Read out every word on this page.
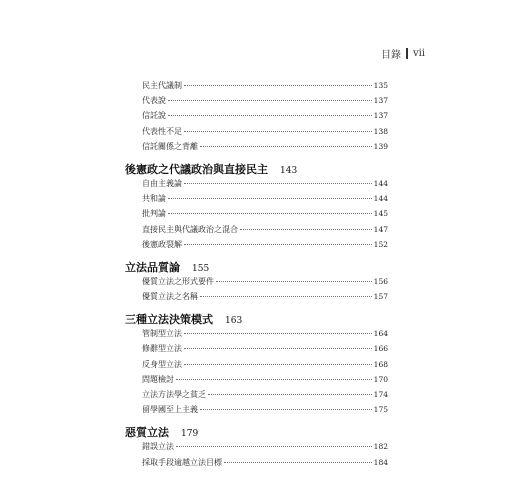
目錄 vii
民主代議制	135
代表說	137
信託說	137
代表性不足	138
信託關係之背離	139
後憲政之代議政治與直接民主 143
自由主義論	144
共和論	144
批判論	145
直接民主與代議政治之混合	147
後憲政裂解	152
立法品質論 155
優質立法之形式要件	156
優質立法之名稱	157
三種立法決策模式 163
管制型立法	164
修辭型立法	166
反身型立法	168
問題檢討	170
立法方法學之貧乏	174
留學國至上主義	175
惡質立法 179
錯誤立法	182
採取手段逾越立法目標	184
